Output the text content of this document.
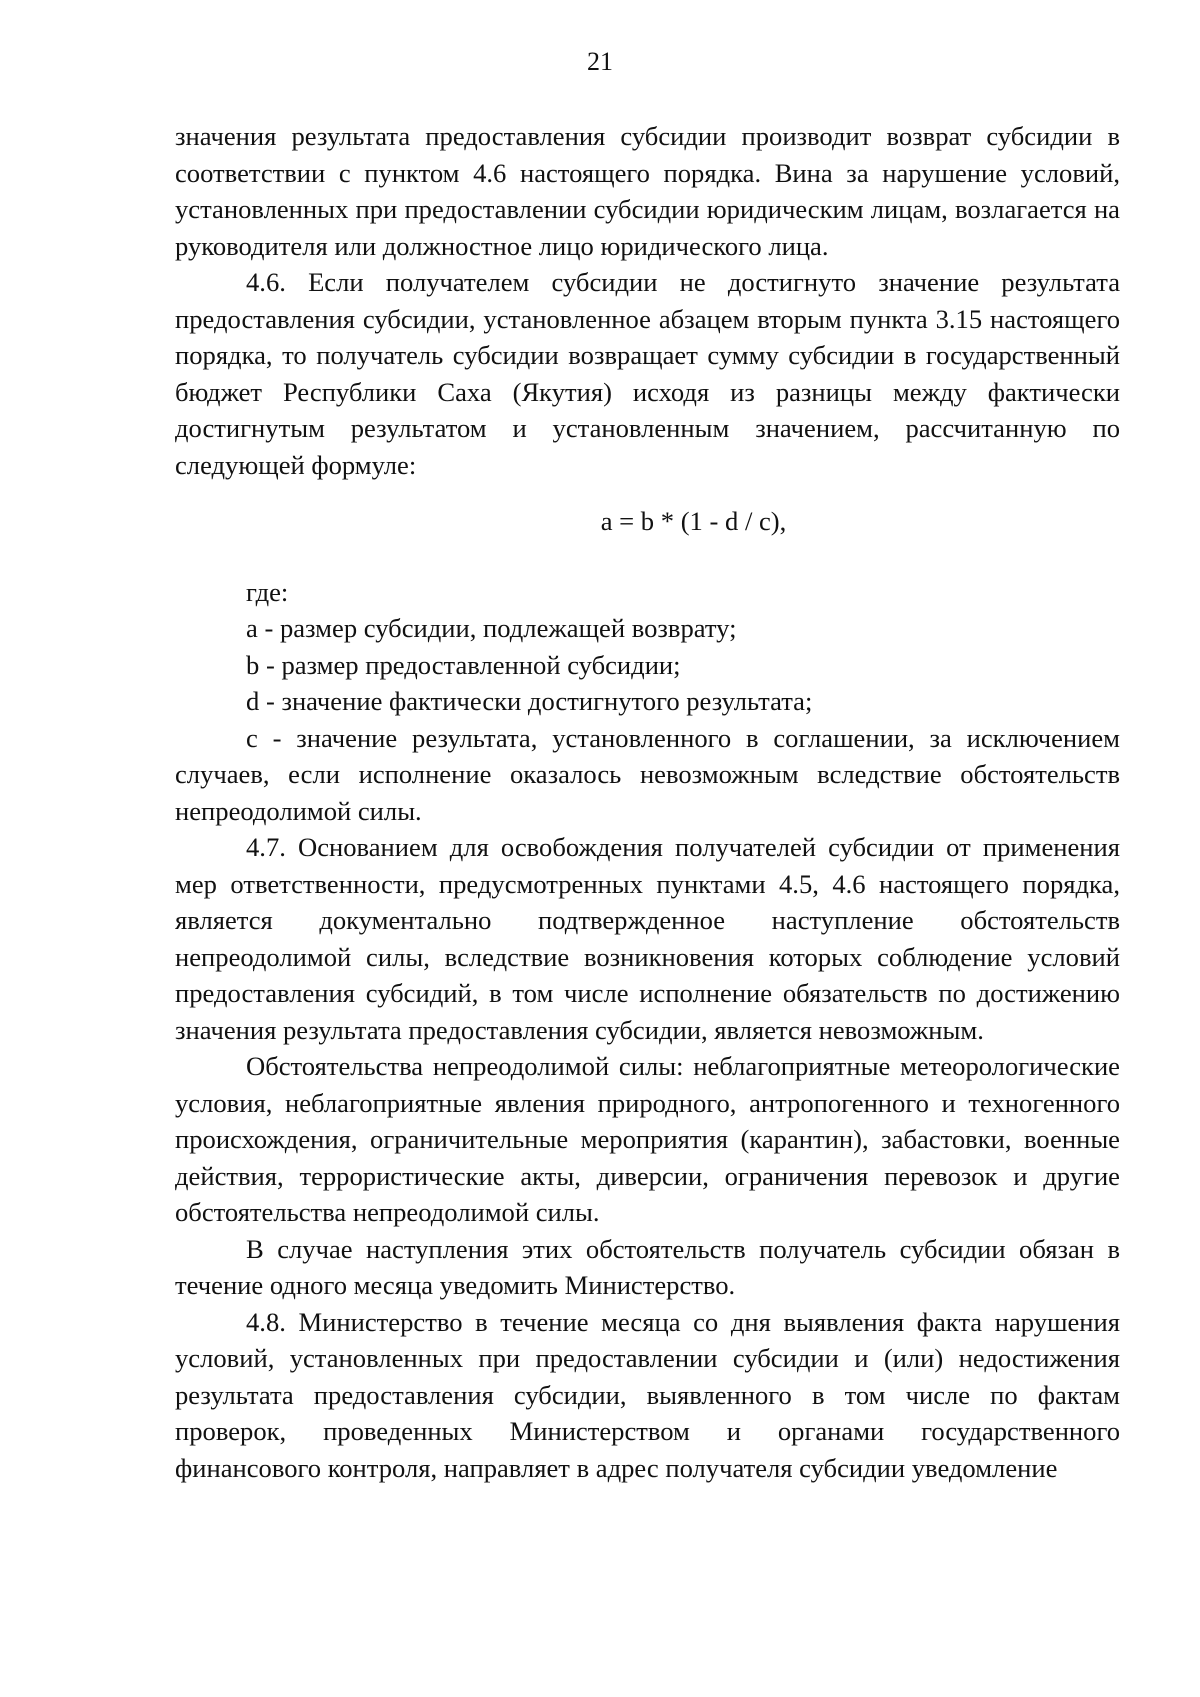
21

значения результата предоставления субсидии производит возврат субсидии в соответствии с пунктом 4.6 настоящего порядка. Вина за нарушение условий, установленных при предоставлении субсидии юридическим лицам, возлагается на руководителя или должностное лицо юридического лица.

4.6. Если получателем субсидии не достигнуто значение результата предоставления субсидии, установленное абзацем вторым пункта 3.15 настоящего порядка, то получатель субсидии возвращает сумму субсидии в государственный бюджет Республики Саха (Якутия) исходя из разницы между фактически достигнутым результатом и установленным значением, рассчитанную по следующей формуле:

a = b * (1 - d / c),

где:

a - размер субсидии, подлежащей возврату;

b - размер предоставленной субсидии;

d - значение фактически достигнутого результата;

c - значение результата, установленного в соглашении, за исключением случаев, если исполнение оказалось невозможным вследствие обстоятельств непреодолимой силы.

4.7. Основанием для освобождения получателей субсидии от применения мер ответственности, предусмотренных пунктами 4.5, 4.6 настоящего порядка, является документально подтвержденное наступление обстоятельств непреодолимой силы, вследствие возникновения которых соблюдение условий предоставления субсидий, в том числе исполнение обязательств по достижению значения результата предоставления субсидии, является невозможным.

Обстоятельства непреодолимой силы: неблагоприятные метеорологические условия, неблагоприятные явления природного, антропогенного и техногенного происхождения, ограничительные мероприятия (карантин), забастовки, военные действия, террористические акты, диверсии, ограничения перевозок и другие обстоятельства непреодолимой силы.

В случае наступления этих обстоятельств получатель субсидии обязан в течение одного месяца уведомить Министерство.

4.8. Министерство в течение месяца со дня выявления факта нарушения условий, установленных при предоставлении субсидии и (или) недостижения результата предоставления субсидии, выявленного в том числе по фактам проверок, проведенных Министерством и органами государственного финансового контроля, направляет в адрес получателя субсидии уведомление
